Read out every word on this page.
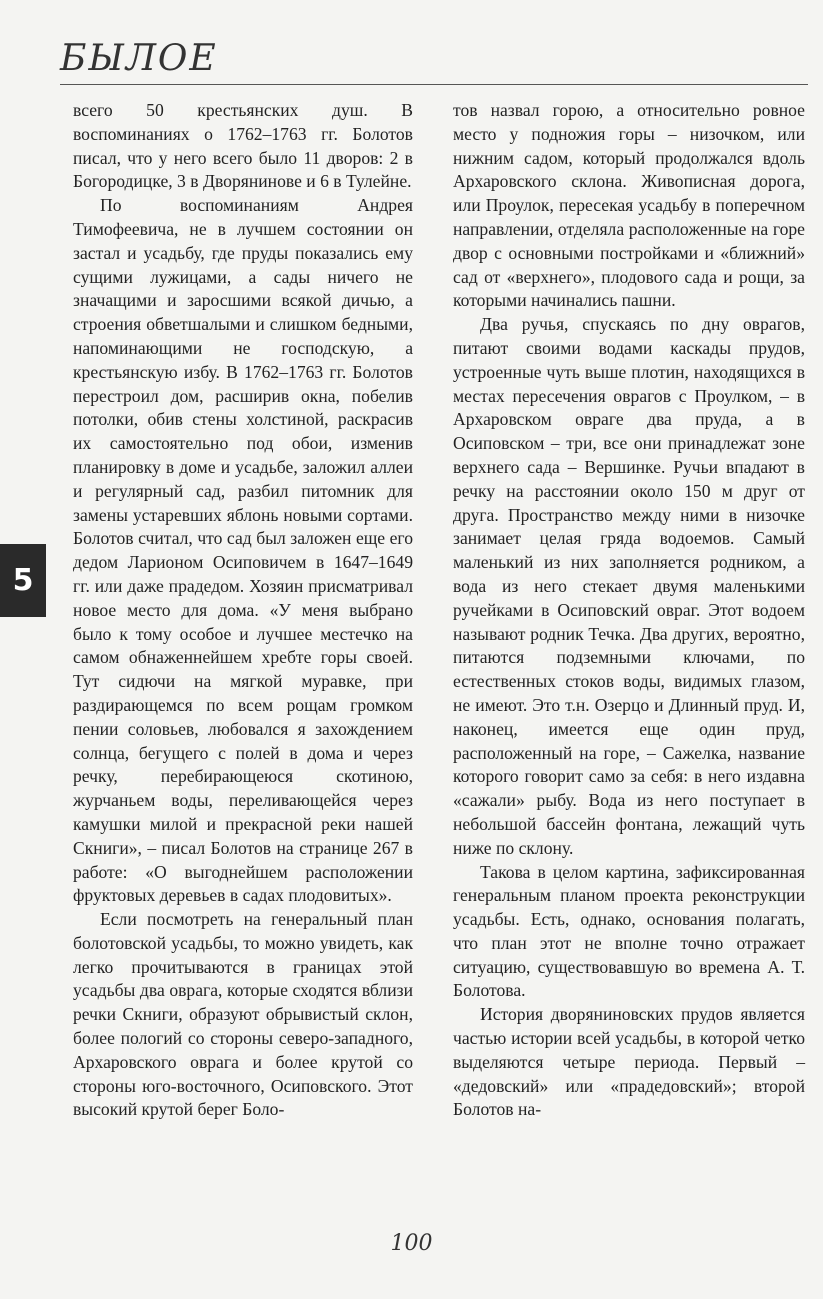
БЫЛОЕ

всего 50 крестьянских душ. В воспоминаниях о 1762–1763 гг. Болотов писал, что у него всего было 11 дворов: 2 в Богородицке, 3 в Дворянинове и 6 в Тулейне.

По воспоминаниям Андрея Тимофеевича, не в лучшем состоянии он застал и усадьбу, где пруды показались ему сущими лужицами, а сады ничего не значащими и заросшими всякой дичью, а строения обветшалыми и слишком бедными, напоминающими не господскую, а крестьянскую избу. В 1762–1763 гг. Болотов перестроил дом, расширив окна, побелив потолки, обив стены холстиной, раскрасив их самостоятельно под обои, изменив планировку в доме и усадьбе, заложил аллеи и регулярный сад, разбил питомник для замены устаревших яблонь новыми сортами. Болотов считал, что сад был заложен еще его дедом Ларионом Осиповичем в 1647–1649 гг. или даже прадедом. Хозяин присматривал новое место для дома. «У меня выбрано было к тому особое и лучшее местечко на самом обнаженнейшем хребте горы своей. Тут сидючи на мягкой муравке, при раздирающемся по всем рощам громком пении соловьев, любовался я захождением солнца, бегущего с полей в дома и через речку, перебирающеюся скотиною, журчаньем воды, переливающейся через камушки милой и прекрасной реки нашей Скниги», – писал Болотов на странице 267 в работе: «О выгоднейшем расположении фруктовых деревьев в садах плодовитых».

Если посмотреть на генеральный план болотовской усадьбы, то можно увидеть, как легко прочитываются в границах этой усадьбы два оврага, которые сходятся вблизи речки Скниги, образуют обрывистый склон, более пологий со стороны северо-западного, Архаровского оврага и более крутой со стороны юго-восточного, Осиповского. Этот высокий крутой берег Боло-

тов назвал горою, а относительно ровное место у подножия горы – низочком, или нижним садом, который продолжался вдоль Архаровского склона. Живописная дорога, или Проулок, пересекая усадьбу в поперечном направлении, отделяла расположенные на горе двор с основными постройками и «ближний» сад от «верхнего», плодового сада и рощи, за которыми начинались пашни.

Два ручья, спускаясь по дну оврагов, питают своими водами каскады прудов, устроенные чуть выше плотин, находящихся в местах пересечения оврагов с Проулком, – в Архаровском овраге два пруда, а в Осиповском – три, все они принадлежат зоне верхнего сада – Вершинке. Ручьи впадают в речку на расстоянии около 150 м друг от друга. Пространство между ними в низочке занимает целая гряда водоемов. Самый маленький из них заполняется родником, а вода из него стекает двумя маленькими ручейками в Осиповский овраг. Этот водоем называют родник Течка. Два других, вероятно, питаются подземными ключами, по естественных стоков воды, видимых глазом, не имеют. Это т.н. Озерцо и Длинный пруд. И, наконец, имеется еще один пруд, расположенный на горе, – Сажелка, название которого говорит само за себя: в него издавна «сажали» рыбу. Вода из него поступает в небольшой бассейн фонтана, лежащий чуть ниже по склону.

Такова в целом картина, зафиксированная генеральным планом проекта реконструкции усадьбы. Есть, однако, основания полагать, что план этот не вполне точно отражает ситуацию, существовавшую во времена А. Т. Болотова.

История дворяниновских прудов является частью истории всей усадьбы, в которой четко выделяются четыре периода. Первый – «дедовский» или «прадедовский»; второй Болотов на-

5
100
